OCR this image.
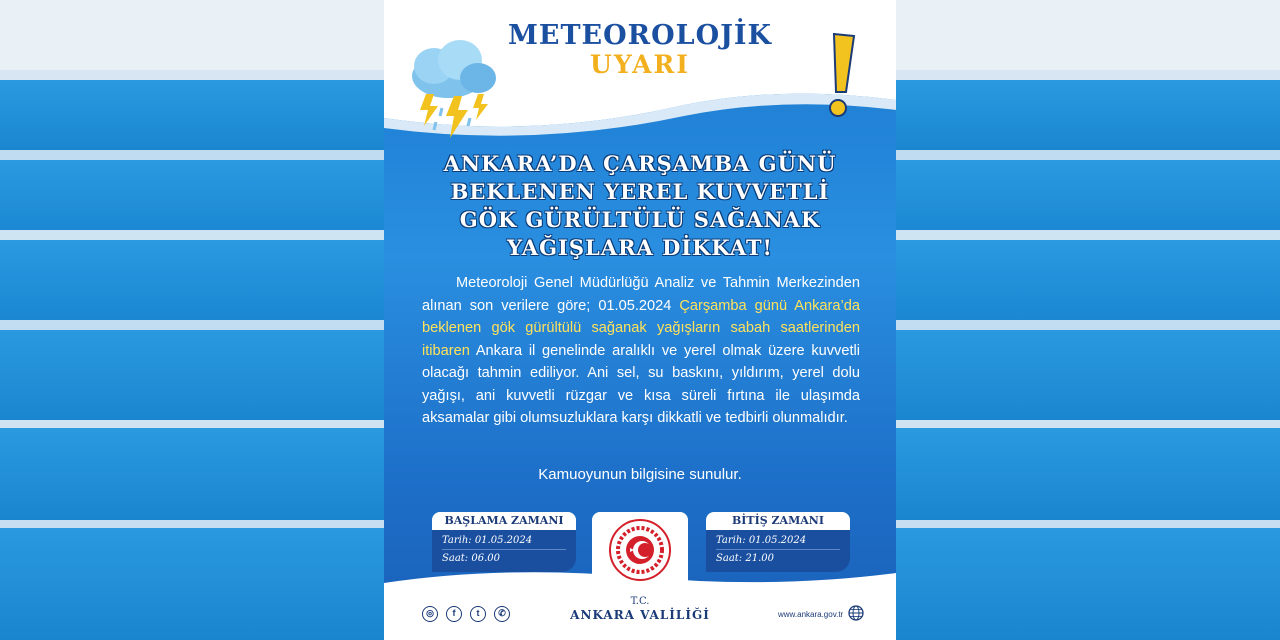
METEOROLOJİK
UYARI
ANKARA’DA ÇARŞAMBA GÜNÜ
BEKLENEN YEREL KUVVETLİ
GÖK GÜRÜLTÜLÜ SAĞANAK
YAĞIŞLARA DİKKAT!

Meteoroloji Genel Müdürlüğü Analiz ve Tahmin Merkezinden alınan son verilere göre; 01.05.2024 Çarşamba günü Ankara’da beklenen gök gürültülü sağanak yağışların sabah saatlerinden itibaren Ankara il genelinde aralıklı ve yerel olmak üzere kuvvetli olacağı tahmin ediliyor. Ani sel, su baskını, yıldırım, yerel dolu yağışı, ani kuvvetli rüzgar ve kısa süreli fırtına ile ulaşımda aksamalar gibi olumsuzluklara karşı dikkatli ve tedbirli olunmalıdır.

Kamuoyunun bilgisine sunulur.
BAŞLAMA ZAMANI
Tarih: 01.05.2024
Saat: 06.00
BİTİŞ ZAMANI
Tarih: 01.05.2024
Saat: 21.00
T.C.
ANKARA VALİLİĞİ
◎	f	t	✆	www.ankara.gov.tr
